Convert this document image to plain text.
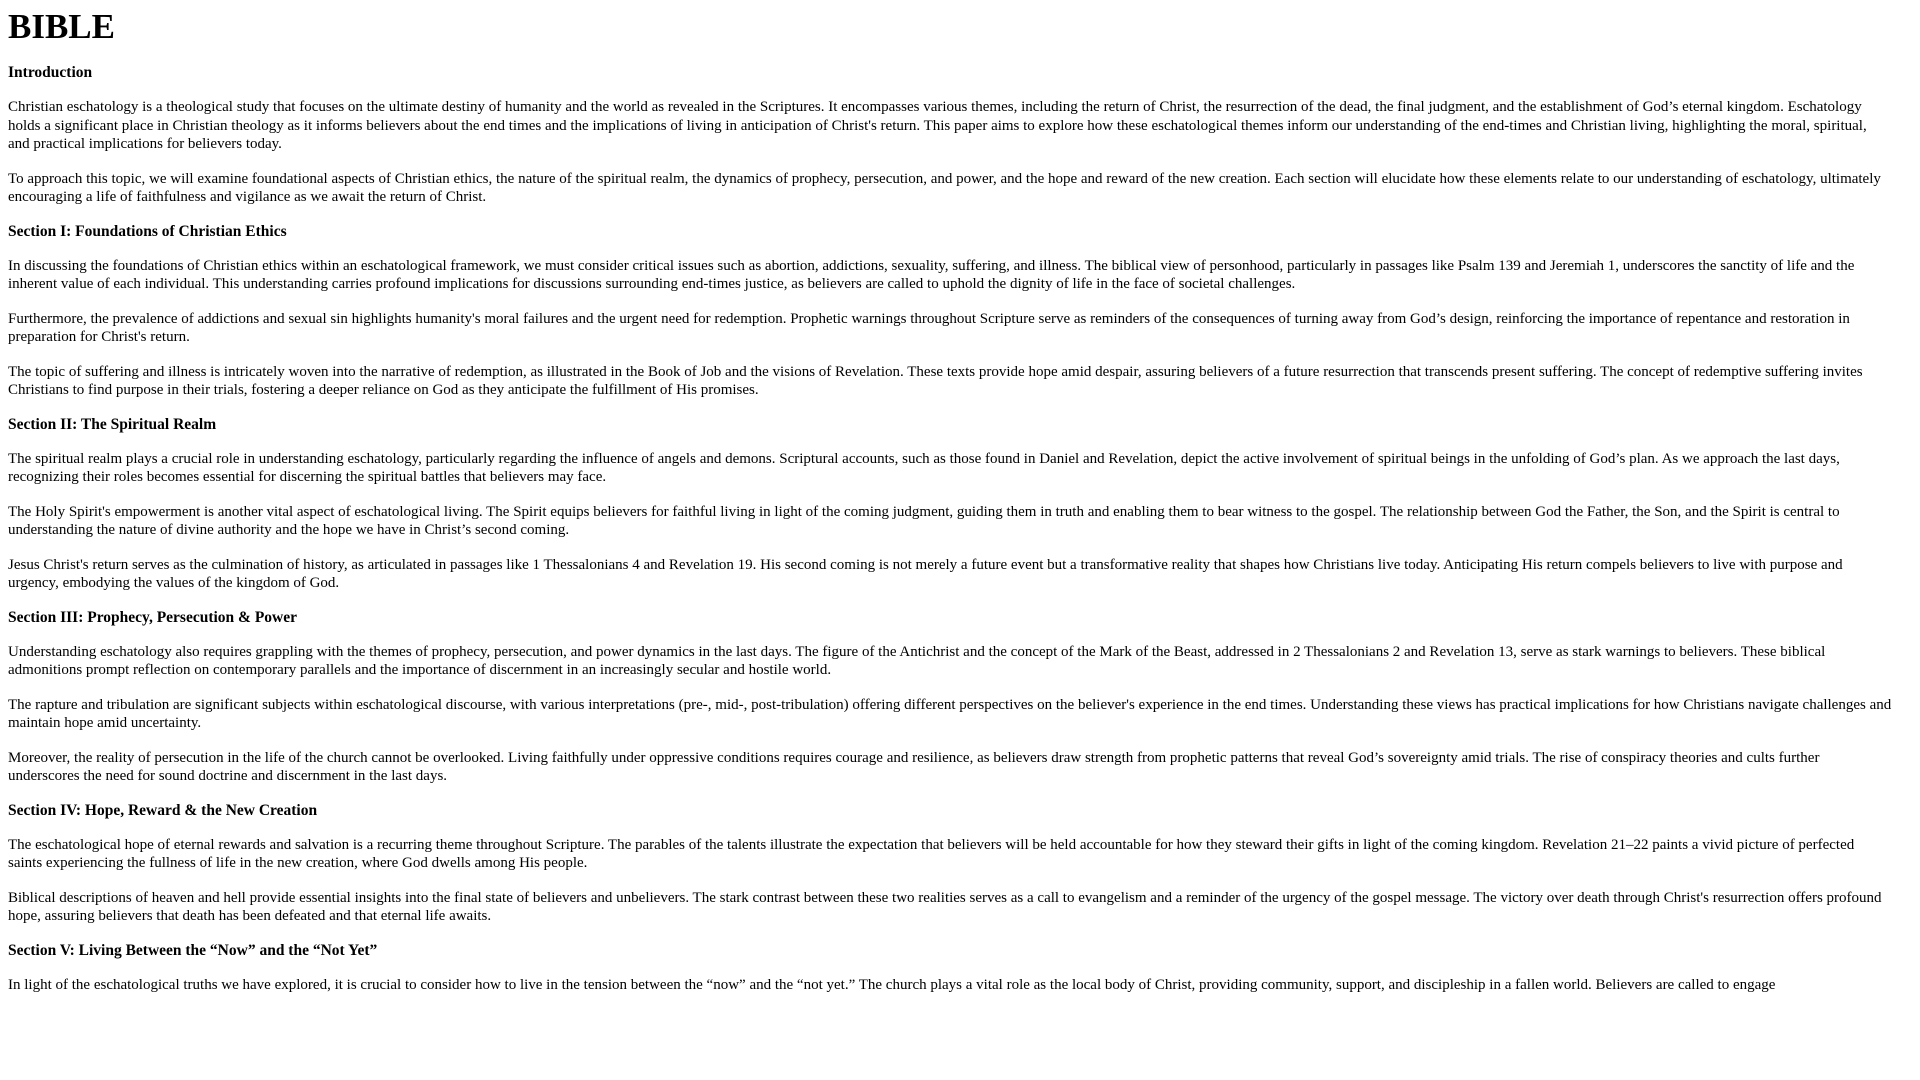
BIBLE
Introduction

Christian eschatology is a theological study that focuses on the ultimate destiny of humanity and the world as revealed in the Scriptures. It encompasses various themes, including the return of Christ, the resurrection of the dead, the final judgment, and the establishment of God’s eternal kingdom. Eschatology holds a significant place in Christian theology as it informs believers about the end times and the implications of living in anticipation of Christ's return. This paper aims to explore how these eschatological themes inform our understanding of the end-times and Christian living, highlighting the moral, spiritual, and practical implications for believers today.

To approach this topic, we will examine foundational aspects of Christian ethics, the nature of the spiritual realm, the dynamics of prophecy, persecution, and power, and the hope and reward of the new creation. Each section will elucidate how these elements relate to our understanding of eschatology, ultimately encouraging a life of faithfulness and vigilance as we await the return of Christ.

Section I: Foundations of Christian Ethics

In discussing the foundations of Christian ethics within an eschatological framework, we must consider critical issues such as abortion, addictions, sexuality, suffering, and illness. The biblical view of personhood, particularly in passages like Psalm 139 and Jeremiah 1, underscores the sanctity of life and the inherent value of each individual. This understanding carries profound implications for discussions surrounding end-times justice, as believers are called to uphold the dignity of life in the face of societal challenges.

Furthermore, the prevalence of addictions and sexual sin highlights humanity's moral failures and the urgent need for redemption. Prophetic warnings throughout Scripture serve as reminders of the consequences of turning away from God’s design, reinforcing the importance of repentance and restoration in preparation for Christ's return.

The topic of suffering and illness is intricately woven into the narrative of redemption, as illustrated in the Book of Job and the visions of Revelation. These texts provide hope amid despair, assuring believers of a future resurrection that transcends present suffering. The concept of redemptive suffering invites Christians to find purpose in their trials, fostering a deeper reliance on God as they anticipate the fulfillment of His promises.

Section II: The Spiritual Realm

The spiritual realm plays a crucial role in understanding eschatology, particularly regarding the influence of angels and demons. Scriptural accounts, such as those found in Daniel and Revelation, depict the active involvement of spiritual beings in the unfolding of God’s plan. As we approach the last days, recognizing their roles becomes essential for discerning the spiritual battles that believers may face.

The Holy Spirit's empowerment is another vital aspect of eschatological living. The Spirit equips believers for faithful living in light of the coming judgment, guiding them in truth and enabling them to bear witness to the gospel. The relationship between God the Father, the Son, and the Spirit is central to understanding the nature of divine authority and the hope we have in Christ’s second coming.

Jesus Christ's return serves as the culmination of history, as articulated in passages like 1 Thessalonians 4 and Revelation 19. His second coming is not merely a future event but a transformative reality that shapes how Christians live today. Anticipating His return compels believers to live with purpose and urgency, embodying the values of the kingdom of God.

Section III: Prophecy, Persecution & Power

Understanding eschatology also requires grappling with the themes of prophecy, persecution, and power dynamics in the last days. The figure of the Antichrist and the concept of the Mark of the Beast, addressed in 2 Thessalonians 2 and Revelation 13, serve as stark warnings to believers. These biblical admonitions prompt reflection on contemporary parallels and the importance of discernment in an increasingly secular and hostile world.

The rapture and tribulation are significant subjects within eschatological discourse, with various interpretations (pre-, mid-, post-tribulation) offering different perspectives on the believer's experience in the end times. Understanding these views has practical implications for how Christians navigate challenges and maintain hope amid uncertainty.

Moreover, the reality of persecution in the life of the church cannot be overlooked. Living faithfully under oppressive conditions requires courage and resilience, as believers draw strength from prophetic patterns that reveal God’s sovereignty amid trials. The rise of conspiracy theories and cults further underscores the need for sound doctrine and discernment in the last days.

Section IV: Hope, Reward & the New Creation

The eschatological hope of eternal rewards and salvation is a recurring theme throughout Scripture. The parables of the talents illustrate the expectation that believers will be held accountable for how they steward their gifts in light of the coming kingdom. Revelation 21–22 paints a vivid picture of perfected saints experiencing the fullness of life in the new creation, where God dwells among His people.

Biblical descriptions of heaven and hell provide essential insights into the final state of believers and unbelievers. The stark contrast between these two realities serves as a call to evangelism and a reminder of the urgency of the gospel message. The victory over death through Christ's resurrection offers profound hope, assuring believers that death has been defeated and that eternal life awaits.

Section V: Living Between the “Now” and the “Not Yet”

In light of the eschatological truths we have explored, it is crucial to consider how to live in the tension between the “now” and the “not yet.” The church plays a vital role as the local body of Christ, providing community, support, and discipleship in a fallen world. Believers are called to engage
